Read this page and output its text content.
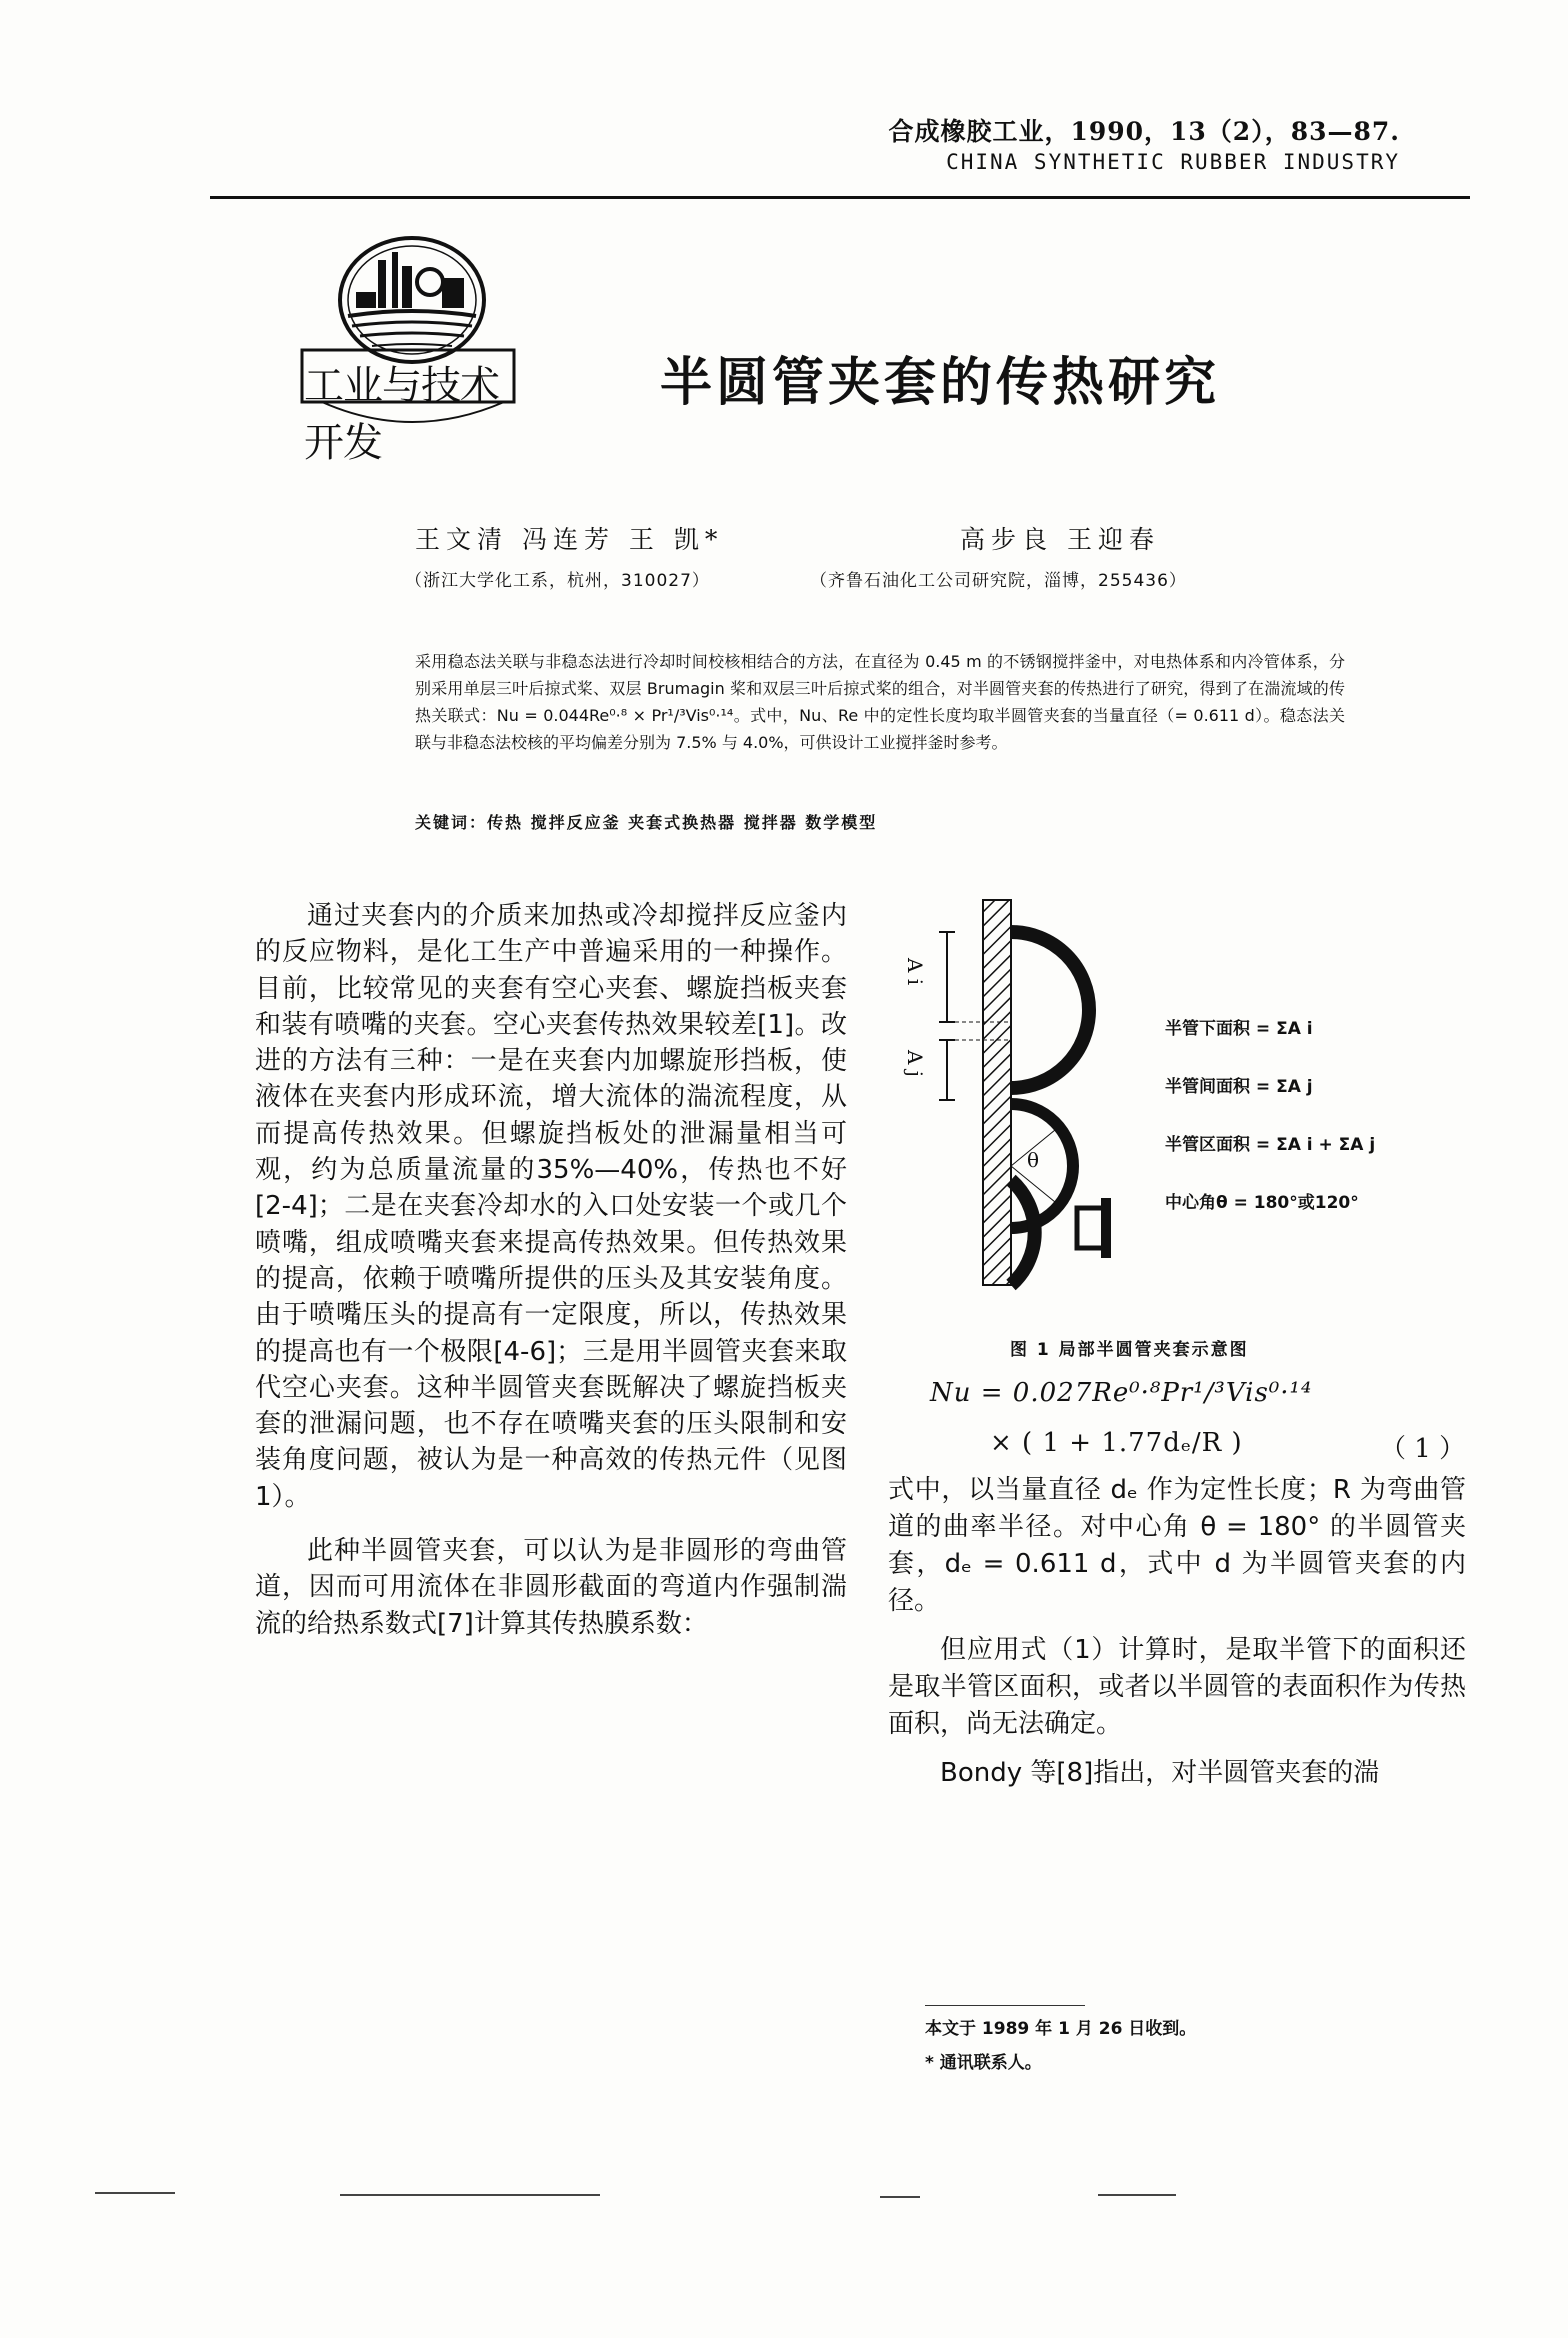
合成橡胶工业，1990，13（2），83—87.
CHINA SYNTHETIC RUBBER INDUSTRY
工业与技术开发
半圆管夹套的传热研究
王文清 冯连芳 王 凯*	高步良 王迎春
（浙江大学化工系，杭州，310027）	（齐鲁石油化工公司研究院，淄博，255436）
采用稳态法关联与非稳态法进行冷却时间校核相结合的方法，在直径为 0.45 m 的不锈钢搅拌釜中，对电热体系和内冷管体系，分别采用单层三叶后掠式桨、双层 Brumagin 桨和双层三叶后掠式桨的组合，对半圆管夹套的传热进行了研究，得到了在湍流域的传热关联式：Nu = 0.044Re⁰·⁸ × Pr¹/³Vis⁰·¹⁴。式中，Nu、Re 中的定性长度均取半圆管夹套的当量直径（= 0.611 d）。稳态法关联与非稳态法校核的平均偏差分别为 7.5% 与 4.0%，可供设计工业搅拌釜时参考。
关键词：传热 搅拌反应釜 夹套式换热器 搅拌器 数学模型

通过夹套内的介质来加热或冷却搅拌反应釜内的反应物料，是化工生产中普遍采用的一种操作。目前，比较常见的夹套有空心夹套、螺旋挡板夹套和装有喷嘴的夹套。空心夹套传热效果较差[1]。改进的方法有三种：一是在夹套内加螺旋形挡板，使液体在夹套内形成环流，增大流体的湍流程度，从而提高传热效果。但螺旋挡板处的泄漏量相当可观，约为总质量流量的35%—40%，传热也不好[2-4]；二是在夹套冷却水的入口处安装一个或几个喷嘴，组成喷嘴夹套来提高传热效果。但传热效果的提高，依赖于喷嘴所提供的压头及其安装角度。由于喷嘴压头的提高有一定限度，所以，传热效果的提高也有一个极限[4-6]；三是用半圆管夹套来取代空心夹套。这种半圆管夹套既解决了螺旋挡板夹套的泄漏问题，也不存在喷嘴夹套的压头限制和安装角度问题，被认为是一种高效的传热元件（见图 1）。

此种半圆管夹套，可以认为是非圆形的弯曲管道，因而可用流体在非圆形截面的弯道内作强制湍流的给热系数式[7]计算其传热膜系数：

A i
A j
θ
半管下面积 = ΣA i
半管间面积 = ΣA j
半管区面积 = ΣA i + ΣA j
中心角θ = 180°或120°
图 1 局部半圆管夹套示意图
Nu = 0.027Re⁰·⁸Pr¹/³Vis⁰·¹⁴
× ( 1 + 1.77dₑ/R )	（ 1 ）

式中，以当量直径 dₑ 作为定性长度；R 为弯曲管道的曲率半径。对中心角 θ = 180° 的半圆管夹套，dₑ = 0.611 d，式中 d 为半圆管夹套的内径。

但应用式（1）计算时，是取半管下的面积还是取半管区面积，或者以半圆管的表面积作为传热面积，尚无法确定。

Bondy 等[8]指出，对半圆管夹套的湍

本文于 1989 年 1 月 26 日收到。
* 通讯联系人。
